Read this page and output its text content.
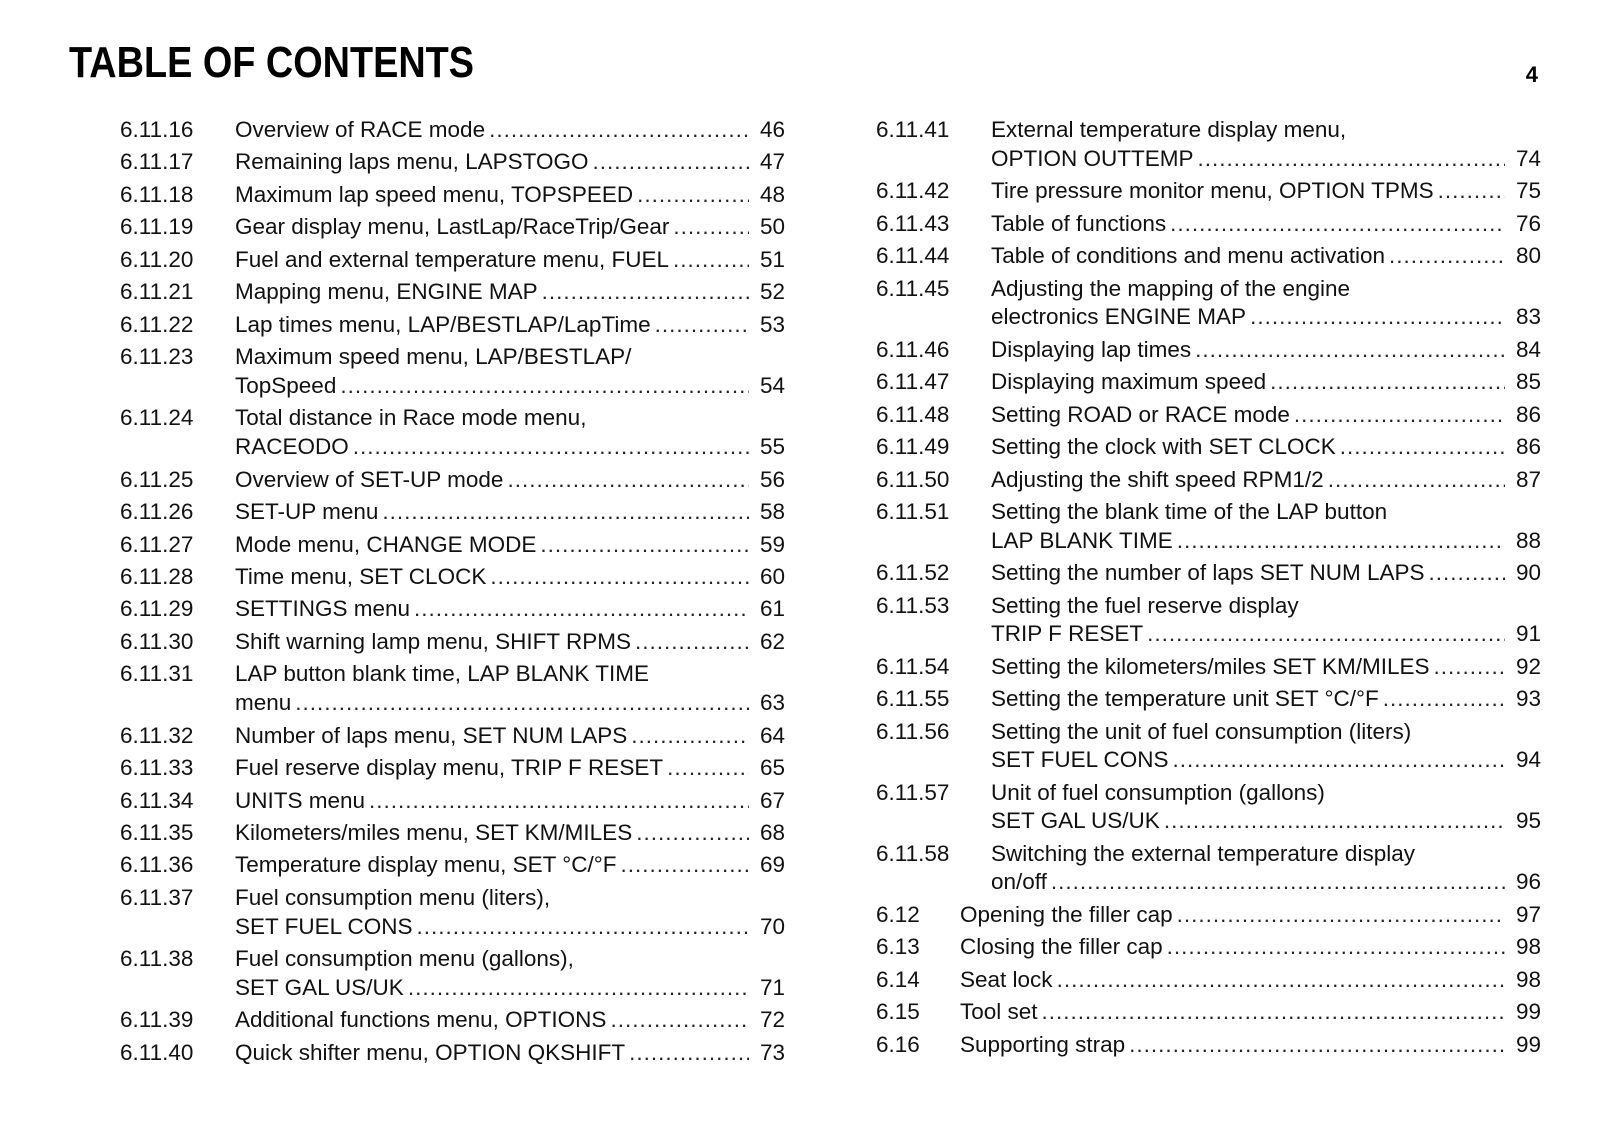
TABLE OF CONTENTS	4
6.11.16	Overview of RACE mode .....	46
6.11.17	Remaining laps menu, LAPSTOGO .....	47
6.11.18	Maximum lap speed menu, TOPSPEED .....	48
6.11.19	Gear display menu, LastLap/RaceTrip/Gear .....	50
6.11.20	Fuel and external temperature menu, FUEL .....	51
6.11.21	Mapping menu, ENGINE MAP .....	52
6.11.22	Lap times menu, LAP/BESTLAP/LapTime .....	53
6.11.23	Maximum speed menu, LAP/BESTLAP/
TopSpeed .....	54
6.11.24	Total distance in Race mode menu,
RACEODO .....	55
6.11.25	Overview of SET-UP mode .....	56
6.11.26	SET-UP menu .....	58
6.11.27	Mode menu, CHANGE MODE .....	59
6.11.28	Time menu, SET CLOCK .....	60
6.11.29	SETTINGS menu .....	61
6.11.30	Shift warning lamp menu, SHIFT RPMS .....	62
6.11.31	LAP button blank time, LAP BLANK TIME
menu .....	63
6.11.32	Number of laps menu, SET NUM LAPS .....	64
6.11.33	Fuel reserve display menu, TRIP F RESET .....	65
6.11.34	UNITS menu .....	67
6.11.35	Kilometers/miles menu, SET KM/MILES .....	68
6.11.36	Temperature display menu, SET °C/°F .....	69
6.11.37	Fuel consumption menu (liters),
SET FUEL CONS .....	70
6.11.38	Fuel consumption menu (gallons),
SET GAL US/UK .....	71
6.11.39	Additional functions menu, OPTIONS .....	72
6.11.40	Quick shifter menu, OPTION QKSHIFT .....	73
6.11.41	External temperature display menu,
OPTION OUTTEMP .....	74
6.11.42	Tire pressure monitor menu, OPTION TPMS .....	75
6.11.43	Table of functions .....	76
6.11.44	Table of conditions and menu activation .....	80
6.11.45	Adjusting the mapping of the engine
electronics ENGINE MAP .....	83
6.11.46	Displaying lap times .....	84
6.11.47	Displaying maximum speed .....	85
6.11.48	Setting ROAD or RACE mode .....	86
6.11.49	Setting the clock with SET CLOCK .....	86
6.11.50	Adjusting the shift speed RPM1/2 .....	87
6.11.51	Setting the blank time of the LAP button
LAP BLANK TIME .....	88
6.11.52	Setting the number of laps SET NUM LAPS .....	90
6.11.53	Setting the fuel reserve display
TRIP F RESET .....	91
6.11.54	Setting the kilometers/miles SET KM/MILES .....	92
6.11.55	Setting the temperature unit SET °C/°F .....	93
6.11.56	Setting the unit of fuel consumption (liters)
SET FUEL CONS .....	94
6.11.57	Unit of fuel consumption (gallons)
SET GAL US/UK .....	95
6.11.58	Switching the external temperature display
on/off .....	96
6.12	Opening the filler cap .....	97
6.13	Closing the filler cap .....	98
6.14	Seat lock .....	98
6.15	Tool set .....	99
6.16	Supporting strap .....	99
